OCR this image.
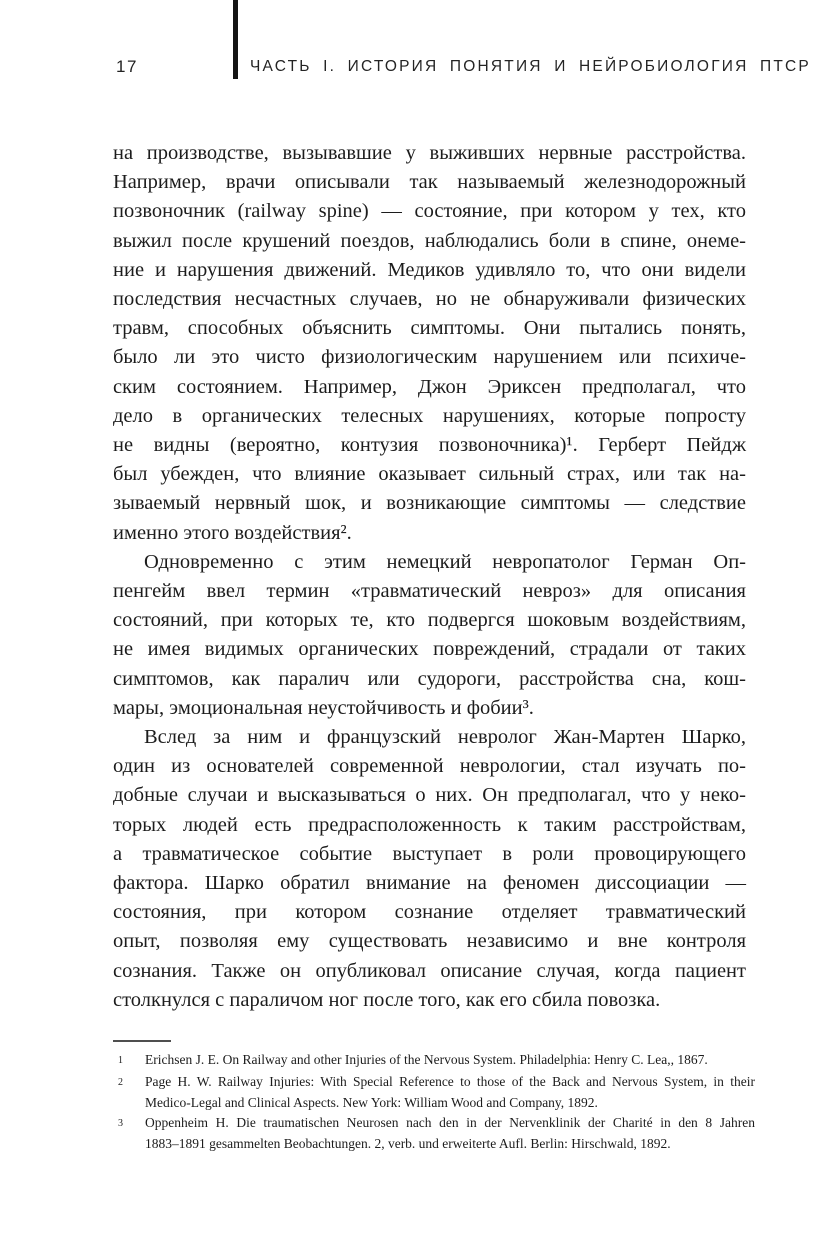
17	ЧАСТЬ I. ИСТОРИЯ ПОНЯТИЯ И НЕЙРОБИОЛОГИЯ ПТСР
на производстве, вызывавшие у выживших нервные расстройства.
Например, врачи описывали так называемый железнодорожный
позвоночник (railway spine) — состояние, при котором у тех, кто
выжил после крушений поездов, наблюдались боли в спине, онеме-
ние и нарушения движений. Медиков удивляло то, что они видели
последствия несчастных случаев, но не обнаруживали физических
травм, способных объяснить симптомы. Они пытались понять,
было ли это чисто физиологическим нарушением или психиче-
ским состоянием. Например, Джон Эриксен предполагал, что
дело в органических телесных нарушениях, которые попросту
не видны (вероятно, контузия позвоночника)¹. Герберт Пейдж
был убежден, что влияние оказывает сильный страх, или так на-
зываемый нервный шок, и возникающие симптомы — следствие
именно этого воздействия².
Одновременно с этим немецкий невропатолог Герман Оп-
пенгейм ввел термин «травматический невроз» для описания
состояний, при которых те, кто подвергся шоковым воздействиям,
не имея видимых органических повреждений, страдали от таких
симптомов, как паралич или судороги, расстройства сна, кош-
мары, эмоциональная неустойчивость и фобии³.
Вслед за ним и французский невролог Жан-Мартен Шарко,
один из основателей современной неврологии, стал изучать по-
добные случаи и высказываться о них. Он предполагал, что у неко-
торых людей есть предрасположенность к таким расстройствам,
а травматическое событие выступает в роли провоцирующего
фактора. Шарко обратил внимание на феномен диссоциации —
состояния, при котором сознание отделяет травматический
опыт, позволяя ему существовать независимо и вне контроля
сознания. Также он опубликовал описание случая, когда пациент
столкнулся с параличом ног после того, как его сбила повозка.
1	Erichsen J. E. On Railway and other Injuries of the Nervous System. Philadelphia: Henry C. Lea,, 1867.
2	Page H. W. Railway Injuries: With Special Reference to those of the Back and Nervous System, in their
Medico-Legal and Clinical Aspects. New York: William Wood and Company, 1892.
3	Oppenheim H. Die traumatischen Neurosen nach den in der Nervenklinik der Charité in den 8 Jahren
1883–1891 gesammelten Beobachtungen. 2, verb. und erweiterte Aufl. Berlin: Hirschwald, 1892.
